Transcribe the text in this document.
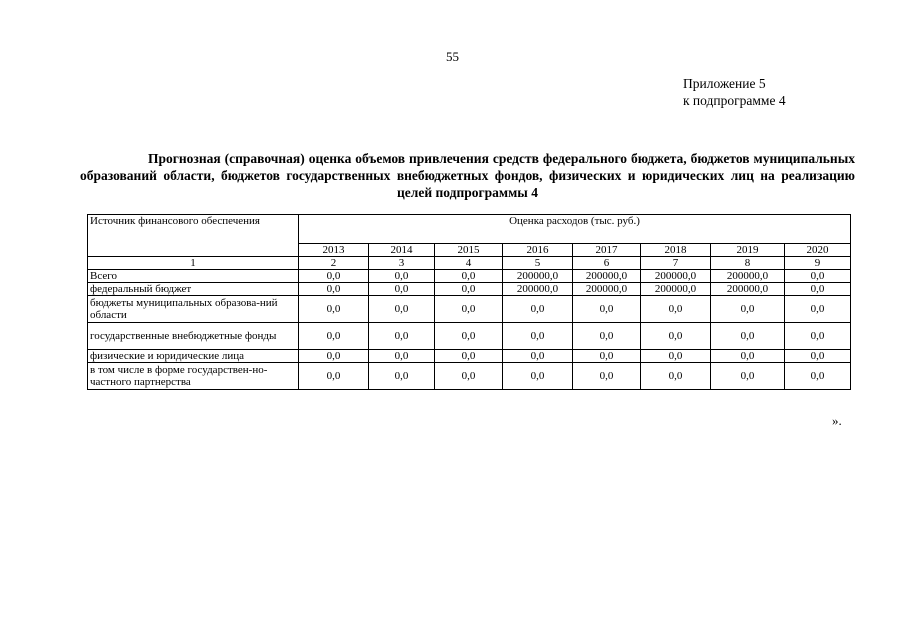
55
Приложение 5
к подпрограмме 4
Прогнозная (справочная) оценка объемов привлечения средств федерального бюджета, бюджетов муниципальных образований области, бюджетов государственных внебюджетных фондов, физических и юридических лиц на реализацию целей подпрограммы 4
Источник финансового обеспечения	Оценка расходов (тыс. руб.)							
	2013	2014	2015	2016	2017	2018	2019	2020
1	2	3	4	5	6	7	8	9
Всего	0,0	0,0	0,0	200000,0	200000,0	200000,0	200000,0	0,0
федеральный бюджет	0,0	0,0	0,0	200000,0	200000,0	200000,0	200000,0	0,0
бюджеты муниципальных образова-ний области	0,0	0,0	0,0	0,0	0,0	0,0	0,0	0,0
государственные внебюджетные фонды	0,0	0,0	0,0	0,0	0,0	0,0	0,0	0,0
физические и юридические лица	0,0	0,0	0,0	0,0	0,0	0,0	0,0	0,0
в том числе в форме государствен-но-частного партнерства	0,0	0,0	0,0	0,0	0,0	0,0	0,0	0,0
».
